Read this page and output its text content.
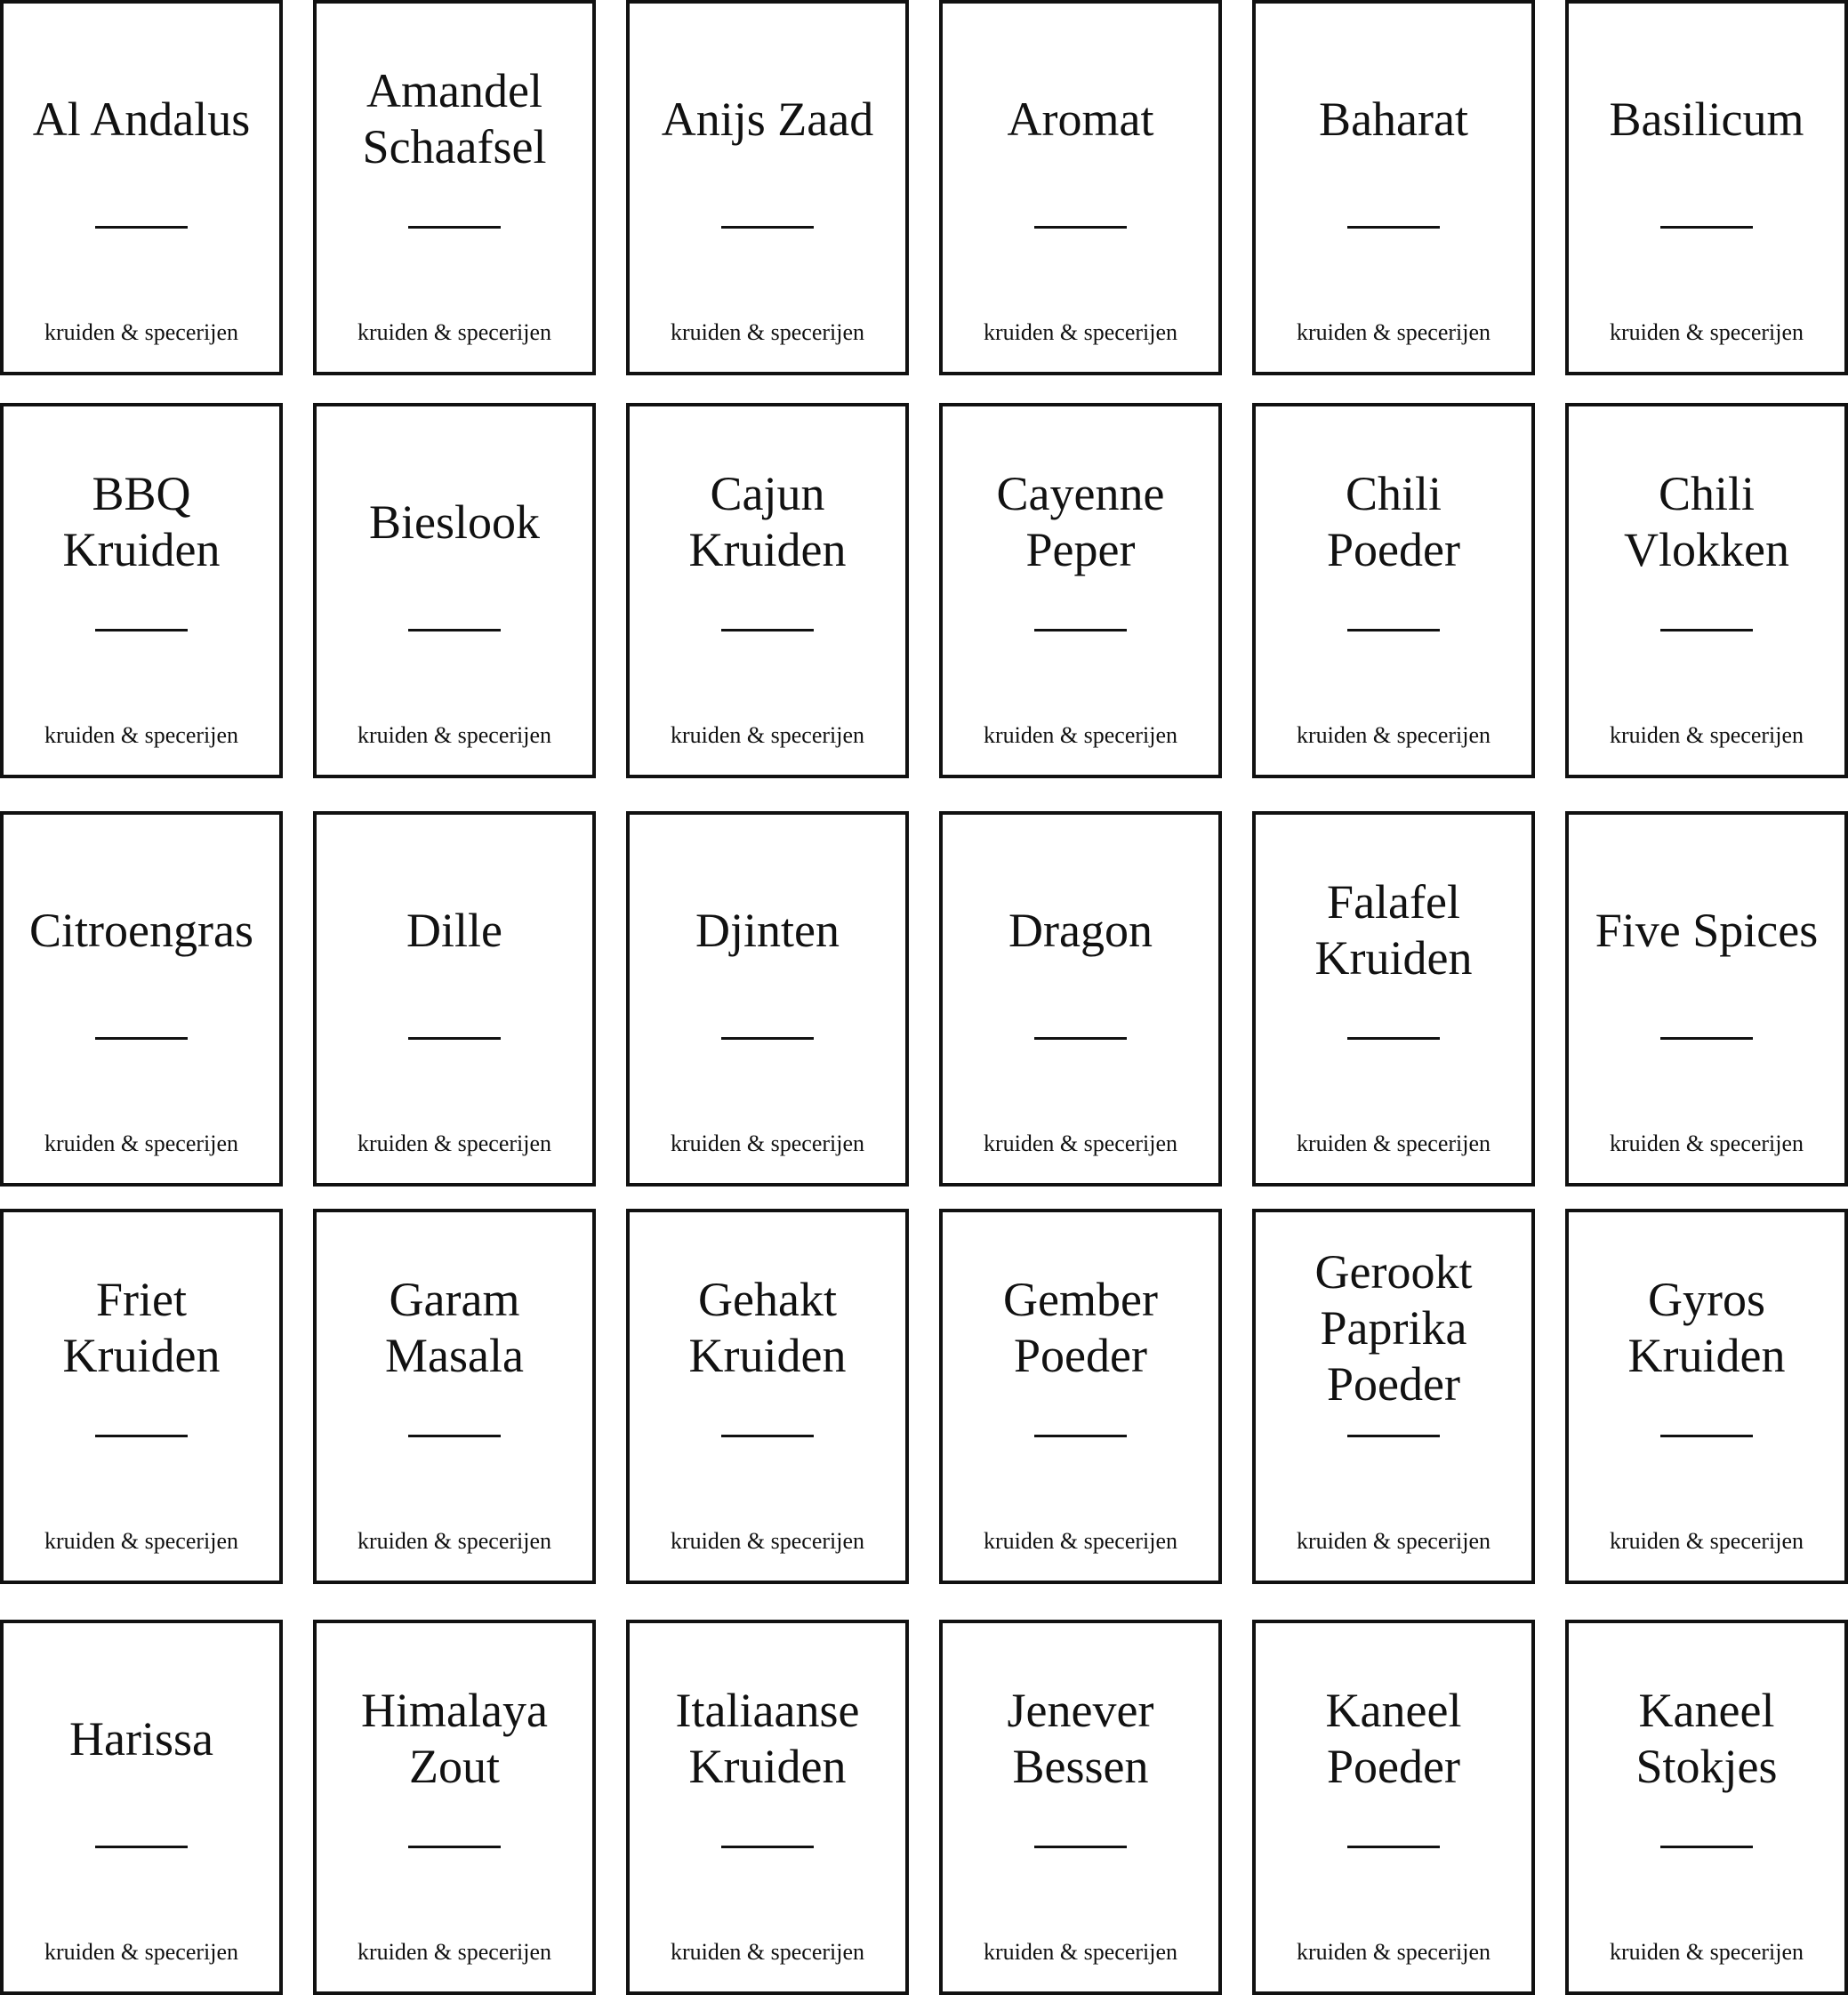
Al Andalus
kruiden & specerijen
Amandel
Schaafsel
kruiden & specerijen
Anijs Zaad
kruiden & specerijen
Aromat
kruiden & specerijen
Baharat
kruiden & specerijen
Basilicum
kruiden & specerijen
BBQ
Kruiden
kruiden & specerijen
Bieslook
kruiden & specerijen
Cajun
Kruiden
kruiden & specerijen
Cayenne
Peper
kruiden & specerijen
Chili
Poeder
kruiden & specerijen
Chili
Vlokken
kruiden & specerijen
Citroengras
kruiden & specerijen
Dille
kruiden & specerijen
Djinten
kruiden & specerijen
Dragon
kruiden & specerijen
Falafel
Kruiden
kruiden & specerijen
Five Spices
kruiden & specerijen
Friet
Kruiden
kruiden & specerijen
Garam
Masala
kruiden & specerijen
Gehakt
Kruiden
kruiden & specerijen
Gember
Poeder
kruiden & specerijen
Gerookt
Paprika
Poeder
kruiden & specerijen
Gyros
Kruiden
kruiden & specerijen
Harissa
kruiden & specerijen
Himalaya
Zout
kruiden & specerijen
Italiaanse
Kruiden
kruiden & specerijen
Jenever
Bessen
kruiden & specerijen
Kaneel
Poeder
kruiden & specerijen
Kaneel
Stokjes
kruiden & specerijen
